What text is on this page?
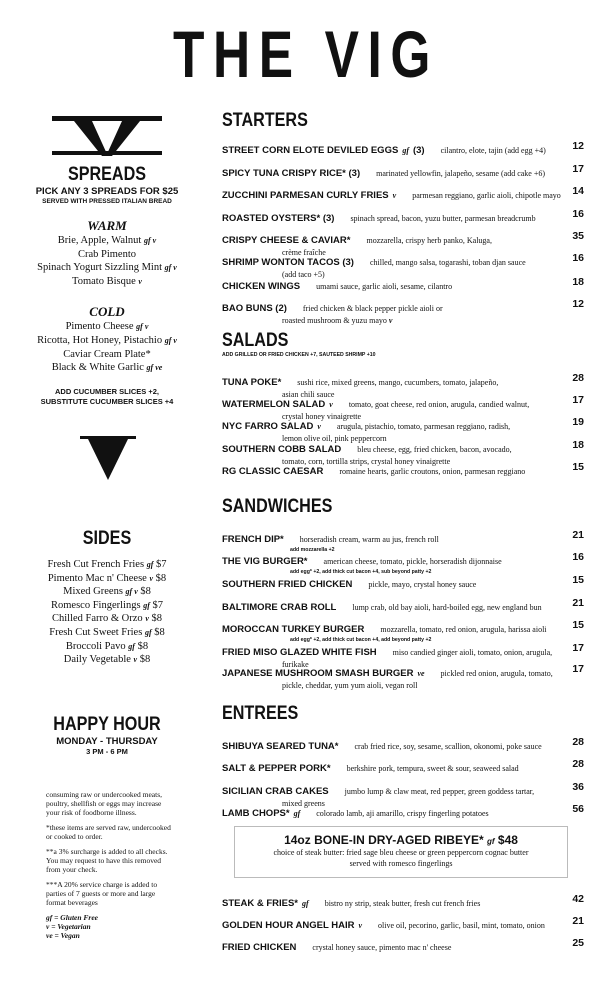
THE VIG
SPREADS
PICK ANY 3 SPREADS FOR $25
SERVED WITH PRESSED ITALIAN BREAD
WARM
Brie, Apple, Walnut gf v
Crab Pimento
Spinach Yogurt Sizzling Mint gf v
Tomato Bisque v
COLD
Pimento Cheese gf v
Ricotta, Hot Honey, Pistachio gf v
Caviar Cream Plate*
Black & White Garlic gf ve
ADD CUCUMBER SLICES +2,
SUBSTITUTE CUCUMBER SLICES +4
SIDES
Fresh Cut French Fries gf $7
Pimento Mac n' Cheese v $8
Mixed Greens gf v $8
Romesco Fingerlings gf $7
Chilled Farro & Orzo v $8
Fresh Cut Sweet Fries gf $8
Broccoli Pavo gf $8
Daily Vegetable v $8
HAPPY HOUR
MONDAY - THURSDAY
3 PM - 6 PM

consuming raw or undercooked meats, poultry, shellfish or eggs may increase your risk of foodborne illness.

*these items are served raw, undercooked or cooked to order.

**a 3% surcharge is added to all checks. You may request to have this removed from your check.

***A 20% service charge is added to parties of 7 guests or more and large format beverages

gf = Gluten Free
v = Vegetarian
ve = Vegan
STARTERS
STREET CORN ELOTE DEVILED EGGS gf (3)  cilantro, elote, tajin (add egg +4)	12
SPICY TUNA CRISPY RICE* (3)  marinated yellowfin, jalapeño, sesame (add cake +6)	17
ZUCCHINI PARMESAN CURLY FRIES v  parmesan reggiano, garlic aioli, chipotle mayo 14
ROASTED OYSTERS* (3)  spinach spread, bacon, yuzu butter, parmesan breadcrumb	16
CRISPY CHEESE & CAVIAR*  mozzarella, crispy herb panko, Kaluga,
crème fraîche
35
SHRIMP WONTON TACOS (3)  chilled, mango salsa, togarashi, toban djan sauce
(add taco +5)
16
CHICKEN WINGS  umami sauce, garlic aioli, sesame, cilantro	18
BAO BUNS (2)  fried chicken & black pepper pickle aioli or
roasted mushroom & yuzu mayo v
12
SALADS
ADD GRILLED OR FRIED CHICKEN +7, SAUTEED SHRIMP +10
TUNA POKE*  sushi rice, mixed greens, mango, cucumbers, tomato, jalapeño,
asian chili sauce
28
WATERMELON SALAD v  tomato, goat cheese, red onion, arugula, candied walnut,
crystal honey vinaigrette
17
NYC FARRO SALAD v  arugula, pistachio, tomato, parmesan reggiano, radish,
lemon olive oil, pink peppercorn
19
SOUTHERN COBB SALAD  bleu cheese, egg, fried chicken, bacon, avocado,
tomato, corn, tortilla strips, crystal honey vinaigrette
18
RG CLASSIC CAESAR  romaine hearts, garlic croutons, onion, parmesan reggiano	15
SANDWICHES
FRENCH DIP*  horseradish cream, warm au jus, french roll
add mozzarella +2
21
THE VIG BURGER*  american cheese, tomato, pickle, horseradish dijonnaise
add egg* +2, add thick cut bacon +4, sub beyond patty +2
16
SOUTHERN FRIED CHICKEN  pickle, mayo, crystal honey sauce	15
BALTIMORE CRAB ROLL  lump crab, old bay aioli, hard-boiled egg, new england bun	21
MOROCCAN TURKEY BURGER  mozzarella, tomato, red onion, arugula, harissa aioli
add egg* +2, add thick cut bacon +4, add beyond patty +2
15
FRIED MISO GLAZED WHITE FISH  miso candied ginger aioli, tomato, onion, arugula,
furikake
17
JAPANESE MUSHROOM SMASH BURGER ve  pickled red onion, arugula, tomato,
pickle, cheddar, yum yum aioli, vegan roll
17
ENTREES
SHIBUYA SEARED TUNA*  crab fried rice, soy, sesame, scallion, okonomi, poke sauce	28
SALT & PEPPER PORK*  berkshire pork, tempura, sweet & sour, seaweed salad	28
SICILIAN CRAB CAKES  jumbo lump & claw meat, red pepper, green goddess tartar,
mixed greens
36
LAMB CHOPS* gf  colorado lamb, aji amarillo, crispy fingerling potatoes	56
14oz BONE-IN DRY-AGED RIBEYE* gf $48
choice of steak butter: fried sage bleu cheese or green peppercorn cognac butter
served with romesco fingerlings
STEAK & FRIES* gf  bistro ny strip, steak butter, fresh cut french fries	42
GOLDEN HOUR ANGEL HAIR v  olive oil, pecorino, garlic, basil, mint, tomato, onion	21
FRIED CHICKEN  crystal honey sauce, pimento mac n' cheese	25
